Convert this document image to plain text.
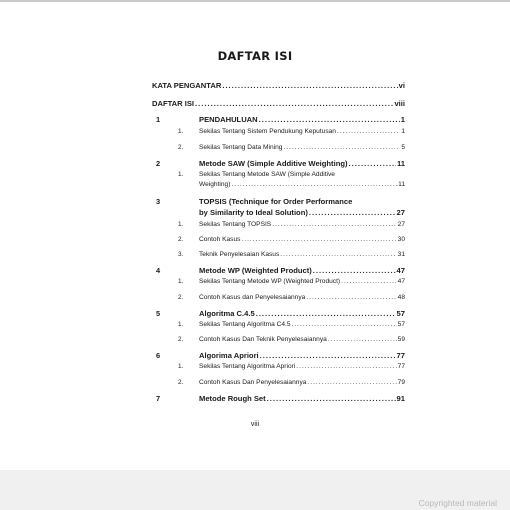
DAFTAR ISI
KATA PENGANTAR .....	vi
DAFTAR ISI .....	viii
1	PENDAHULUAN .....	1
1. Sekilas Tentang Sistem Pendukung Keputusan .....	1
2. Sekilas Tentang Data Mining .....	5
2	Metode SAW (Simple Additive Weighting) .....	11
1. Sekilas Tentang Metode SAW (Simple Additive
Weighting) .....	11
3	TOPSIS (Technique for Order Performance
by Similarity to Ideal Solution) .....	27
1. Sekilas Tentang TOPSIS .....	27
2. Contoh Kasus .....	30
3. Teknik Penyelesaian Kasus .....	31
4	Metode WP (Weighted Product) .....	47
1. Sekilas Tentang Metode WP (Weighted Product) .....	47
2. Contoh Kasus dan Penyelesaiannya .....	48
5	Algoritma C.4.5 .....	57
1. Sekilas Tentang Algoritma C4.5 .....	57
2. Contoh Kasus Dan Teknik Penyelesaiannya .....	59
6	Algorima Apriori .....	77
1. Sekilas Tentang Algoritma Apriori .....	77
2. Contoh Kasus Dan Penyelesaiannya .....	79
7	Metode Rough Set .....	91
viii
Copyrighted material
